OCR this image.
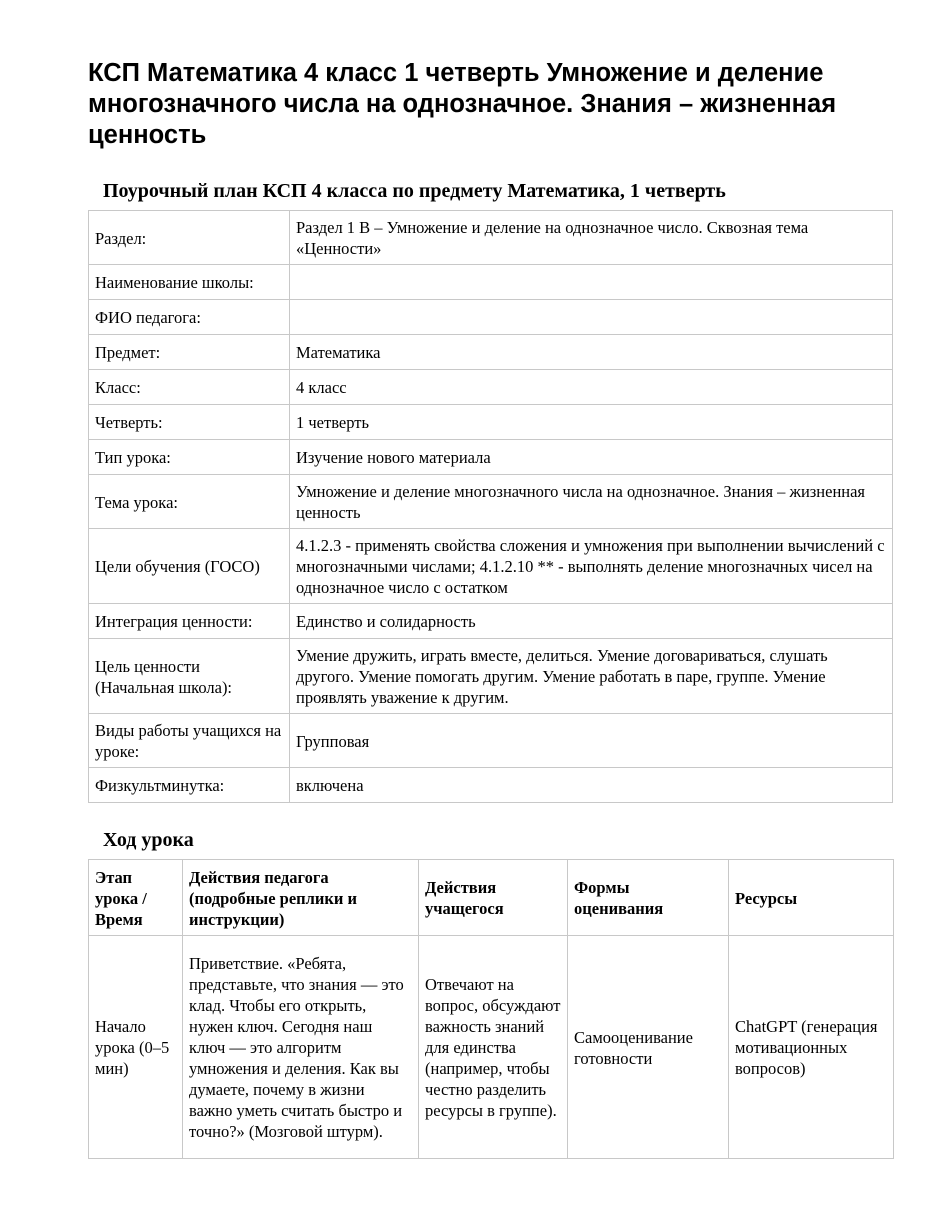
КСП Математика 4 класс 1 четверть Умножение и деление многозначного числа на однозначное. Знания – жизненная ценность
Поурочный план КСП 4 класса по предмету Математика, 1 четверть
Раздел:	Раздел 1 В – Умножение и деление на однозначное число. Сквозная тема «Ценности»
Наименование школы:	
ФИО педагога:	
Предмет:	Математика
Класс:	4 класс
Четверть:	1 четверть
Тип урока:	Изучение нового материала
Тема урока:	Умножение и деление многозначного числа на однозначное. Знания – жизненная ценность
Цели обучения (ГОСО)	4.1.2.3 - применять свойства сложения и умножения при выполнении вычислений с многозначными числами; 4.1.2.10 ** - выполнять деление многозначных чисел на однозначное число с остатком
Интеграция ценности:	Единство и солидарность
Цель ценности (Начальная школа):	Умение дружить, играть вместе, делиться. Умение договариваться, слушать другого. Умение помогать другим. Умение работать в паре, группе. Умение проявлять уважение к другим.
Виды работы учащихся на уроке:	Групповая
Физкультминутка:	включена
Ход урока
Этап урока / Время	Действия педагога (подробные реплики и инструкции)	Действия учащегося	Формы оценивания	Ресурсы
Начало урока (0–5 мин)	Приветствие. «Ребята, представьте, что знания — это клад. Чтобы его открыть, нужен ключ. Сегодня наш ключ — это алгоритм умножения и деления. Как вы думаете, почему в жизни важно уметь считать быстро и точно?» (Мозговой штурм).	Отвечают на вопрос, обсуждают важность знаний для единства (например, чтобы честно разделить ресурсы в группе).	Самооценивание готовности	ChatGPT (генерация мотивационных вопросов)
